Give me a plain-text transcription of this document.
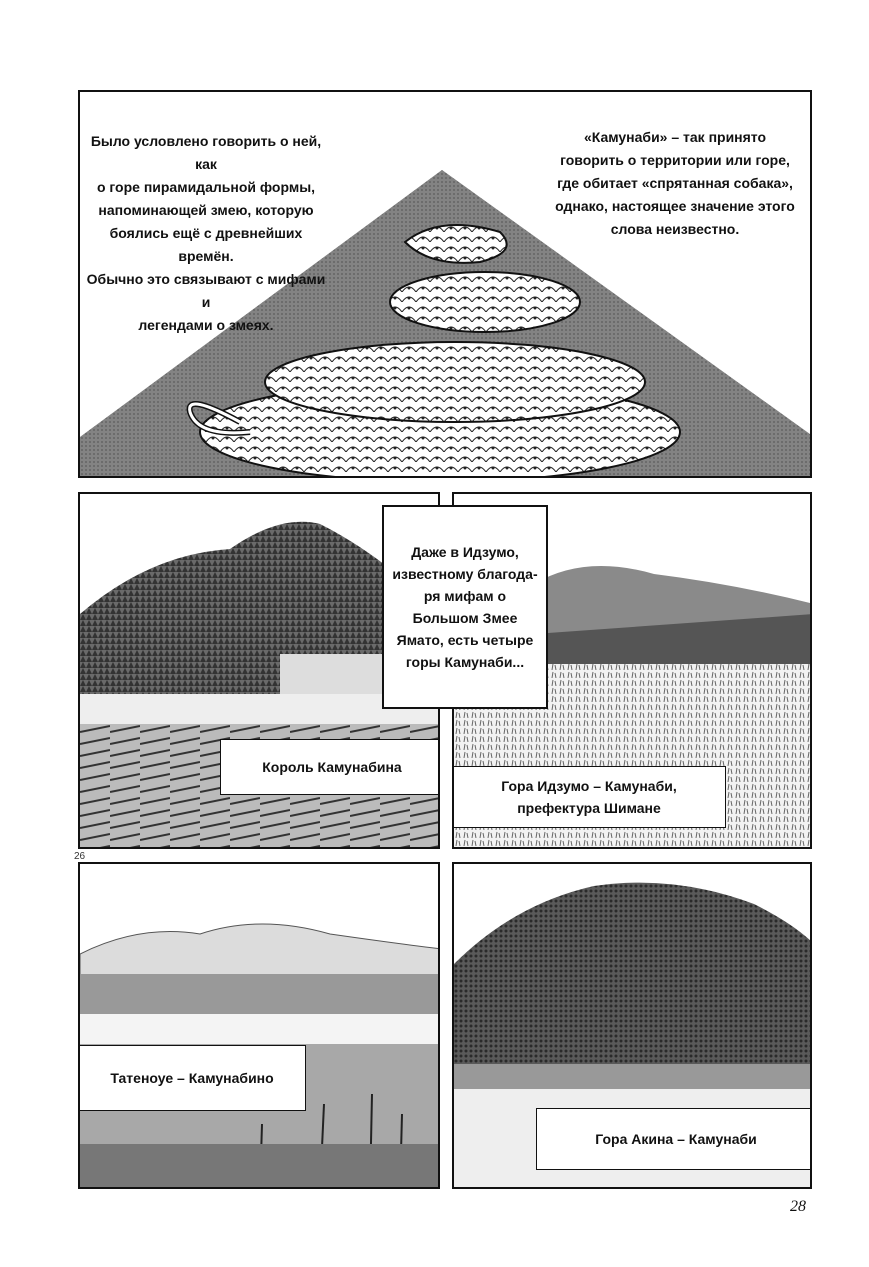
Было условлено говорить о ней, как
о горе пирамидальной формы,
напоминающей змею, которую
боялись ещё с древнейших времён.
Обычно это связывают с мифами и
легендами о змеях.
«Камунаби» – так принято
говорить о территории или горе,
где обитает «спрятанная собака»,
однако, настоящее значение этого
слова неизвестно.
Король Камунабина
Гора Идзумо – Камунаби,
префектура Шимане
Даже в Идзумо,
известному благода-
ря мифам о
Большом Змее
Ямато, есть четыре
горы Камунаби...
26
Татеноуе – Камунабино
Гора Акина – Камунаби
28
